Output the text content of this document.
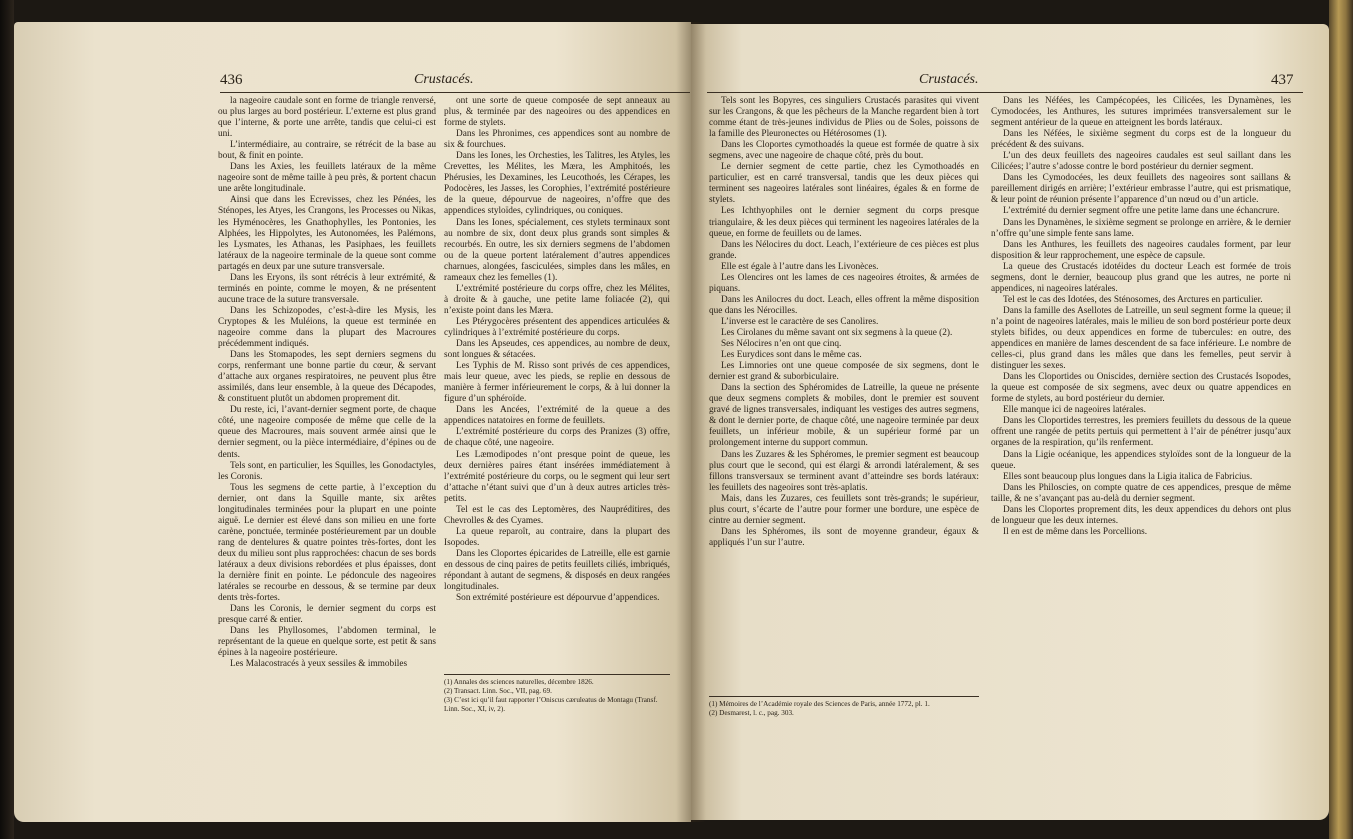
436	Crustacés.

la nageoire caudale sont en forme de triangle renversé, ou plus larges au bord postérieur. L’externe est plus grand que l’interne, & porte une arrête, tandis que celui-ci est uni.

L’intermédiaire, au contraire, se rétrécit de la base au bout, & finit en pointe.

Dans les Axies, les feuillets latéraux de la même nageoire sont de même taille à peu près, & portent chacun une arête longitudinale.

Ainsi que dans les Ecrevisses, chez les Pénées, les Sténopes, les Atyes, les Crangons, les Processes ou Nikas, les Hyménocères, les Gnathophylles, les Pontonies, les Alphées, les Hippolytes, les Autonomées, les Palémons, les Lysmates, les Athanas, les Pasiphaes, les feuillets latéraux de la nageoire terminale de la queue sont comme partagés en deux par une suture transversale.

Dans les Eryons, ils sont rétrécis à leur extrémité, & terminés en pointe, comme le moyen, & ne présentent aucune trace de la suture transversale.

Dans les Schizopodes, c’est-à-dire les Mysis, les Cryptopes & les Muléions, la queue est terminée en nageoire comme dans la plupart des Macroures précédemment indiqués.

Dans les Stomapodes, les sept derniers segmens du corps, renfermant une bonne partie du cœur, & servant d’attache aux organes respiratoires, ne peuvent plus être assimilés, dans leur ensemble, à la queue des Décapodes, & constituent plutôt un abdomen proprement dit.

Du reste, ici, l’avant-dernier segment porte, de chaque côté, une nageoire composée de même que celle de la queue des Macroures, mais souvent armée ainsi que le dernier segment, ou la pièce intermédiaire, d’épines ou de dents.

Tels sont, en particulier, les Squilles, les Gonodactyles, les Coronis.

Tous les segmens de cette partie, à l’exception du dernier, ont dans la Squille mante, six arêtes longitudinales terminées pour la plupart en une pointe aiguë. Le dernier est élevé dans son milieu en une forte carène, ponctuée, terminée postérieurement par un double rang de dentelures & quatre pointes très-fortes, dont les deux du milieu sont plus rapprochées: chacun de ses bords latéraux a deux divisions rebordées et plus épaisses, dont la dernière finit en pointe. Le pédoncule des nageoires latérales se recourbe en dessous, & se termine par deux dents très-fortes.

Dans les Coronis, le dernier segment du corps est presque carré & entier.

Dans les Phyllosomes, l’abdomen terminal, le représentant de la queue en quelque sorte, est petit & sans épines à la nageoire postérieure.

Les Malacostracés à yeux sessiles & immobiles

ont une sorte de queue composée de sept anneaux au plus, & terminée par des nageoires ou des appendices en forme de stylets.

Dans les Phronimes, ces appendices sont au nombre de six & fourchues.

Dans les Iones, les Orchesties, les Talitres, les Atyles, les Crevettes, les Mélites, les Mæra, les Amphitoés, les Phérusies, les Dexamines, les Leucothoés, les Cérapes, les Podocères, les Jasses, les Corophies, l’extrémité postérieure de la queue, dépourvue de nageoires, n’offre que des appendices styloïdes, cylindriques, ou coniques.

Dans les Iones, spécialement, ces stylets terminaux sont au nombre de six, dont deux plus grands sont simples & recourbés. En outre, les six derniers segmens de l’abdomen ou de la queue portent latéralement d’autres appendices charnues, alongées, fasciculées, simples dans les mâles, en rameaux chez les femelles (1).

L’extrémité postérieure du corps offre, chez les Mélites, à droite & à gauche, une petite lame foliacée (2), qui n’existe point dans les Mæra.

Les Ptérygocères présentent des appendices articulées & cylindriques à l’extrémité postérieure du corps.

Dans les Apseudes, ces appendices, au nombre de deux, sont longues & sétacées.

Les Typhis de M. Risso sont privés de ces appendices, mais leur queue, avec les pieds, se replie en dessous de manière à fermer inférieurement le corps, & à lui donner la figure d’un sphéroïde.

Dans les Ancées, l’extrémité de la queue a des appendices natatoires en forme de feuillets.

L’extrémité postérieure du corps des Pranizes (3) offre, de chaque côté, une nageoire.

Les Læmodipodes n’ont presque point de queue, les deux dernières paires étant insérées immédiatement à l’extrémité postérieure du corps, ou le segment qui leur sert d’attache n’étant suivi que d’un à deux autres articles très-petits.

Tel est le cas des Leptomères, des Naupréditires, des Chevrolles & des Cyames.

La queue reparoît, au contraire, dans la plupart des Isopodes.

Dans les Cloportes épicarides de Latreille, elle est garnie en dessous de cinq paires de petits feuillets ciliés, imbriqués, répondant à autant de segmens, & disposés en deux rangées longitudinales.

Son extrémité postérieure est dépourvue d’appendices.

(1) Annales des sciences naturelles, décembre 1826.
(2) Transact. Linn. Soc., VII, pag. 69.
(3) C’est ici qu’il faut rapporter l’Oniscus cæruleatus de Montagu (Transf. Linn. Soc., XI, iv, 2).
Crustacés.	437

Tels sont les Bopyres, ces singuliers Crustacés parasites qui vivent sur les Crangons, & que les pêcheurs de la Manche regardent bien à tort comme étant de très-jeunes individus de Plies ou de Soles, poissons de la famille des Pleuronectes ou Hétérosomes (1).

Dans les Cloportes cymothoadés la queue est formée de quatre à six segmens, avec une nageoire de chaque côté, près du bout.

Le dernier segment de cette partie, chez les Cymothoadés en particulier, est en carré transversal, tandis que les deux pièces qui terminent ses nageoires latérales sont linéaires, égales & en forme de stylets.

Les Ichthyophiles ont le dernier segment du corps presque triangulaire, & les deux pièces qui terminent les nageoires latérales de la queue, en forme de feuillets ou de lames.

Dans les Nélocires du doct. Leach, l’extérieure de ces pièces est plus grande.

Elle est égale à l’autre dans les Livonèces.

Les Olencires ont les lames de ces nageoires étroites, & armées de piquans.

Dans les Anilocres du doct. Leach, elles offrent la même disposition que dans les Nérocilles.

L’inverse est le caractère de ses Canolires.

Les Cirolanes du même savant ont six segmens à la queue (2).

Ses Nélocires n’en ont que cinq.

Les Eurydices sont dans le même cas.

Les Limnories ont une queue composée de six segmens, dont le dernier est grand & suborbiculaire.

Dans la section des Sphéromides de Latreille, la queue ne présente que deux segmens complets & mobiles, dont le premier est souvent gravé de lignes transversales, indiquant les vestiges des autres segmens, & dont le dernier porte, de chaque côté, une nageoire terminée par deux feuillets, un inférieur mobile, & un supérieur formé par un prolongement interne du support commun.

Dans les Zuzares & les Sphéromes, le premier segment est beaucoup plus court que le second, qui est élargi & arrondi latéralement, & ses fillons transversaux se terminent avant d’atteindre ses bords latéraux: les feuillets des nageoires sont très-aplatis.

Mais, dans les Zuzares, ces feuillets sont très-grands; le supérieur, plus court, s’écarte de l’autre pour former une bordure, une espèce de cintre au dernier segment.

Dans les Sphéromes, ils sont de moyenne grandeur, égaux & appliqués l’un sur l’autre.

Dans les Néfées, les Campécopées, les Cilicées, les Dynamènes, les Cymodocées, les Anthures, les sutures imprimées transversalement sur le segment antérieur de la queue en atteignent les bords latéraux.

Dans les Néfées, le sixième segment du corps est de la longueur du précédent & des suivans.

L’un des deux feuillets des nageoires caudales est seul saillant dans les Cilicées; l’autre s’adosse contre le bord postérieur du dernier segment.

Dans les Cymodocées, les deux feuillets des nageoires sont saillans & pareillement dirigés en arrière; l’extérieur embrasse l’autre, qui est prismatique, & leur point de réunion présente l’apparence d’un nœud ou d’un article.

L’extrémité du dernier segment offre une petite lame dans une échancrure.

Dans les Dynamènes, le sixième segment se prolonge en arrière, & le dernier n’offre qu’une simple fente sans lame.

Dans les Anthures, les feuillets des nageoires caudales forment, par leur disposition & leur rapprochement, une espèce de capsule.

La queue des Crustacés idotéides du docteur Leach est formée de trois segmens, dont le dernier, beaucoup plus grand que les autres, ne porte ni appendices, ni nageoires latérales.

Tel est le cas des Idotées, des Sténosomes, des Arctures en particulier.

Dans la famille des Asellotes de Latreille, un seul segment forme la queue; il n’a point de nageoires latérales, mais le milieu de son bord postérieur porte deux stylets bifides, ou deux appendices en forme de tubercules: en outre, des appendices en manière de lames descendent de sa face inférieure. Le nombre de celles-ci, plus grand dans les mâles que dans les femelles, peut servir à distinguer les sexes.

Dans les Cloportides ou Oniscides, dernière section des Crustacés Isopodes, la queue est composée de six segmens, avec deux ou quatre appendices en forme de stylets, au bord postérieur du dernier.

Elle manque ici de nageoires latérales.

Dans les Cloportides terrestres, les premiers feuillets du dessous de la queue offrent une rangée de petits pertuis qui permettent à l’air de pénétrer jusqu’aux organes de la respiration, qu’ils renferment.

Dans la Ligie océanique, les appendices styloïdes sont de la longueur de la queue.

Elles sont beaucoup plus longues dans la Ligia italica de Fabricius.

Dans les Philoscies, on compte quatre de ces appendices, presque de même taille, & ne s’avançant pas au-delà du dernier segment.

Dans les Cloportes proprement dits, les deux appendices du dehors ont plus de longueur que les deux internes.

Il en est de même dans les Porcellions.

(1) Mémoires de l’Académie royale des Sciences de Paris, année 1772, pl. 1.
(2) Desmarest, l. c., pag. 303.
